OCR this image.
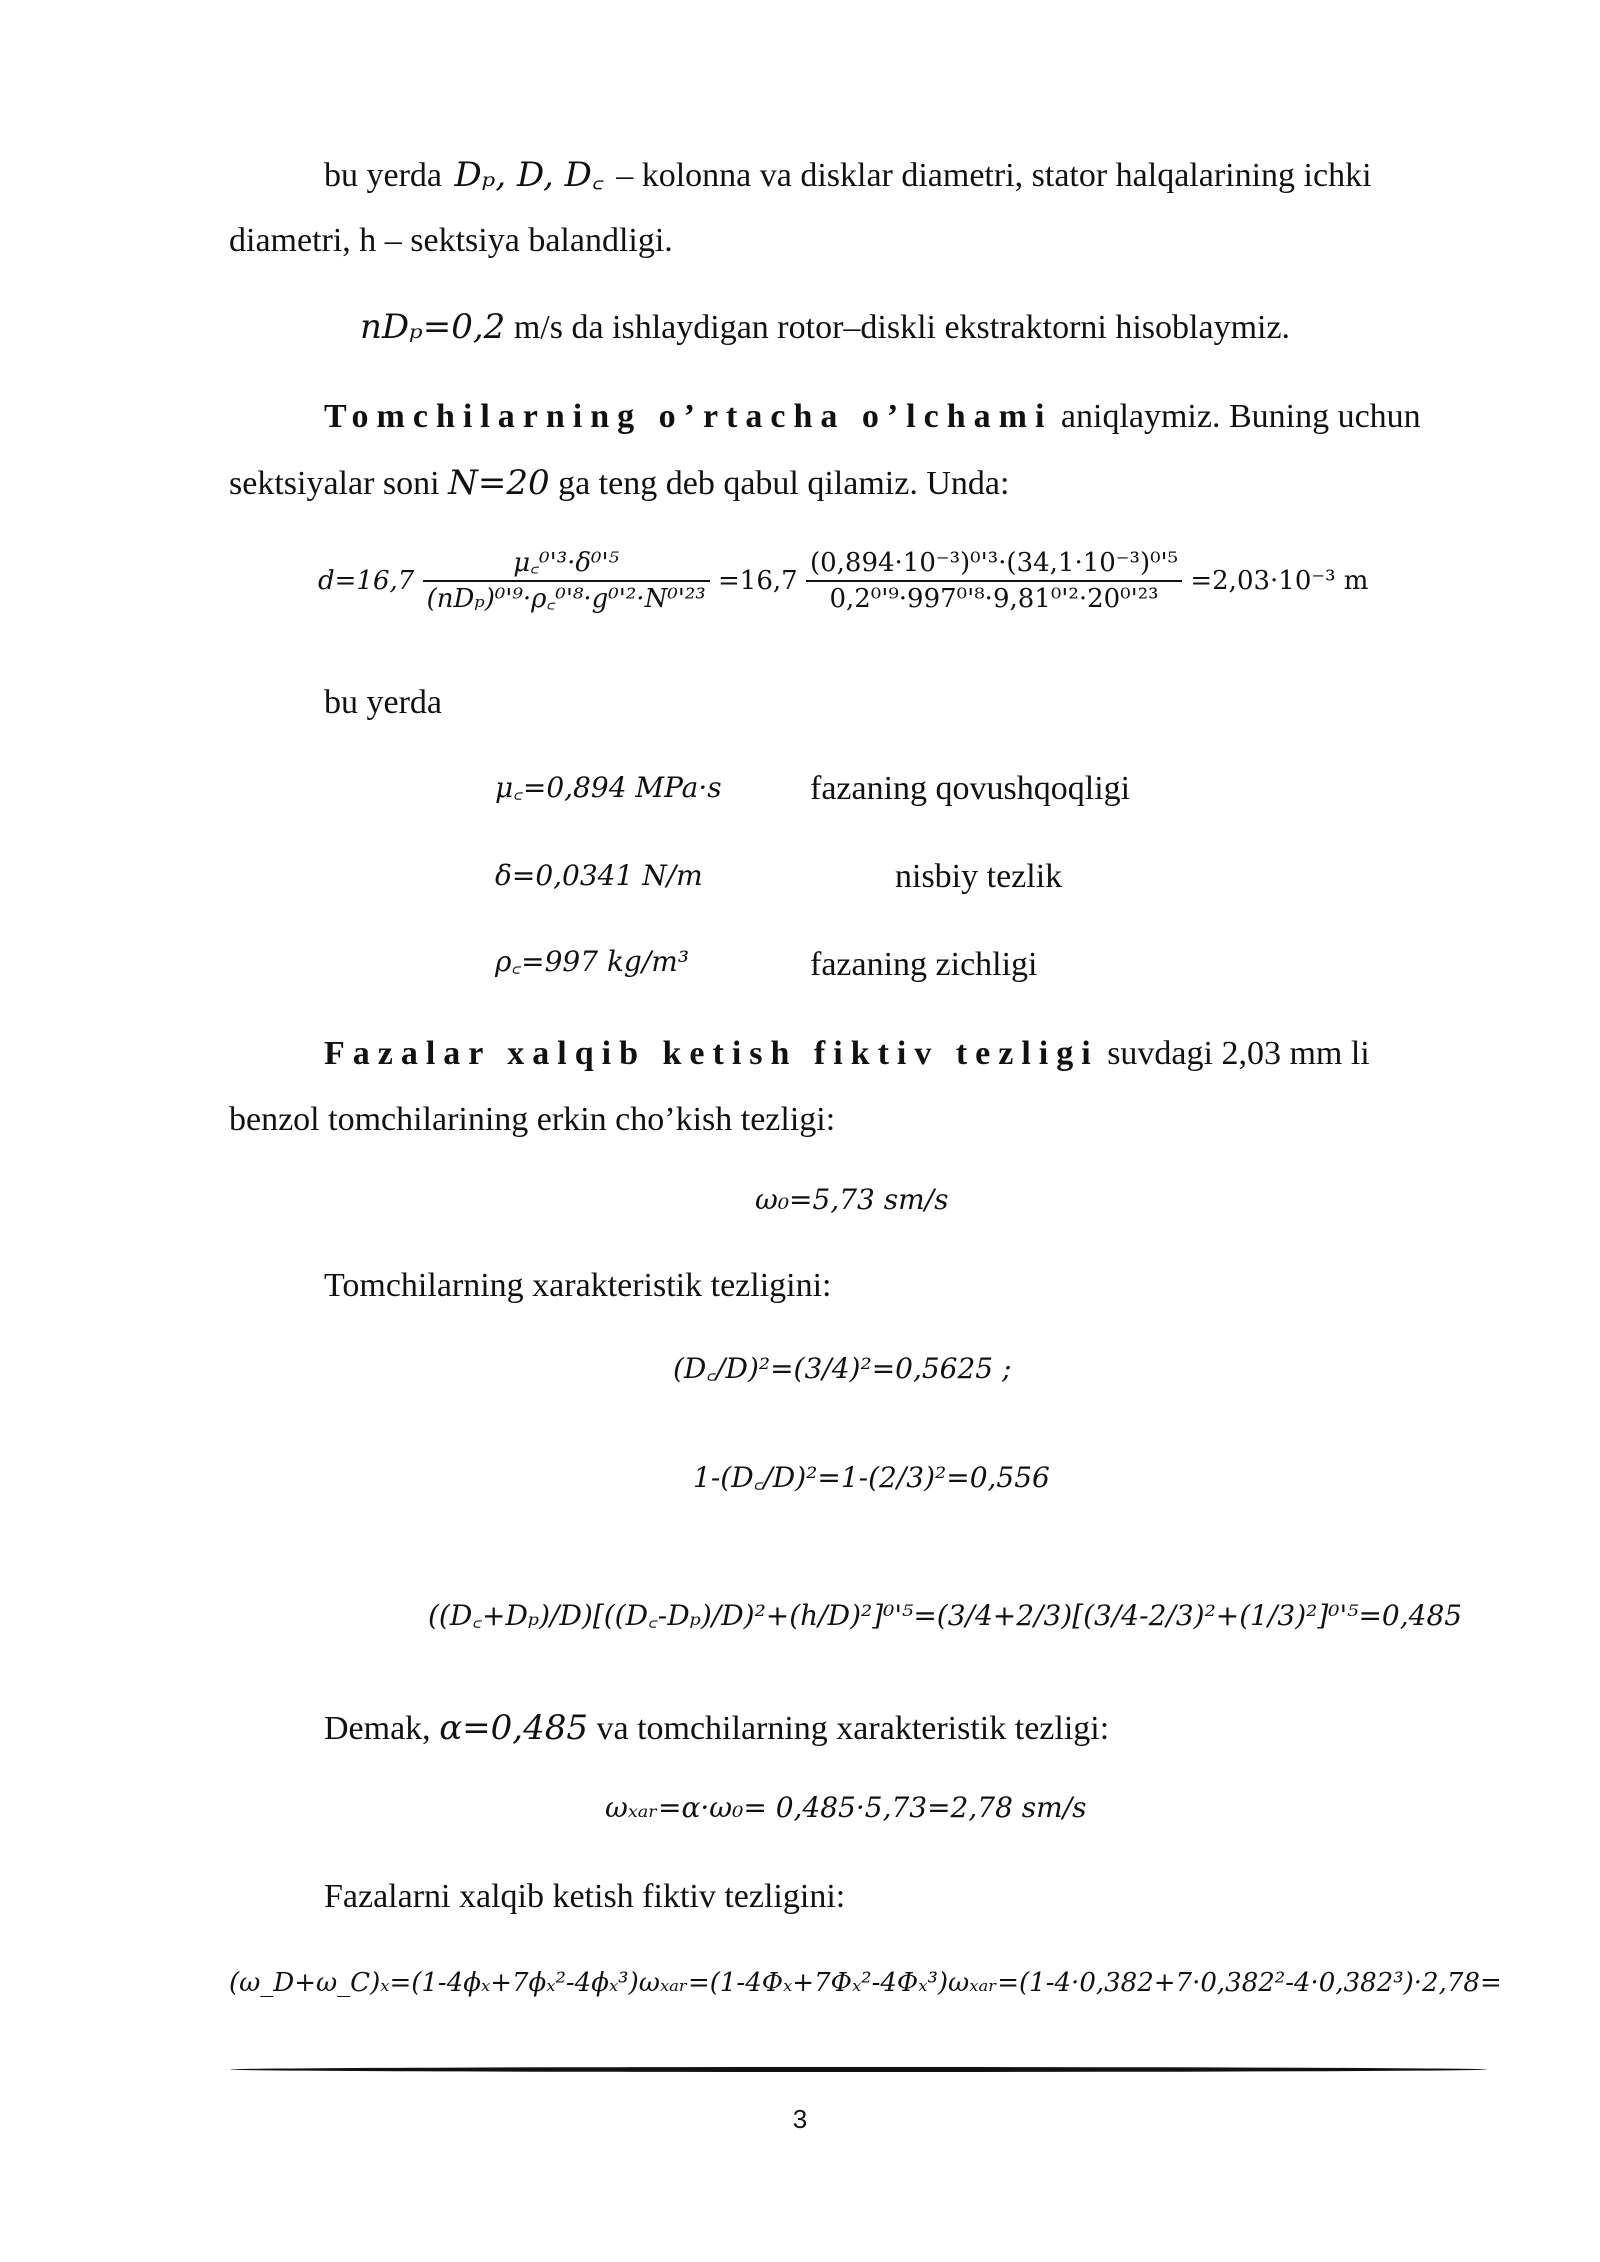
bu yerda Dₚ, D, D꜀ – kolonna va disklar diametri, stator halqalarining ichki
diametri, h – sektsiya balandligi.
nDₚ=0,2 m/s da ishlaydigan rotor–diskli ekstraktorni hisoblaymiz.
Tomchilarning o’rtacha o’lchami aniqlaymiz. Buning uchun
sektsiyalar soni N=20 ga teng deb qabul qilamiz. Unda:
$d=16,7 \frac{\text{μ꜀⁰'³·δ⁰'⁵}}{\text{(nDₚ)⁰'⁹·ρ꜀⁰'⁸·g⁰'²·N⁰'²³}} =16,7 \frac{\text{(0,894·10⁻³)⁰'³·(34,1·10⁻³)⁰'⁵}}{\text{0,2⁰'⁹·997⁰'⁸·9,81⁰'²·20⁰'²³}} =2,03\cdot 10^{-3}$ m
bu yerda
μ꜀=0,894 MPa·s	fazaning qovushqoqligi
δ=0,0341 N/m	nisbiy tezlik
ρ꜀=997 kg/m³	fazaning zichligi
Fazalar xalqib ketish fiktiv tezligi suvdagi 2,03 mm li
benzol tomchilarining erkin cho’kish tezligi:
ω₀=5,73 sm/s
Tomchilarning xarakteristik tezligini:
(D꜀/D)²=(3/4)²=0,5625 ;
1-(D꜀/D)²=1-(2/3)²=0,556
((D꜀+Dₚ)/D)[((D꜀-Dₚ)/D)²+(h/D)²]⁰'⁵=(3/4+2/3)[(3/4-2/3)²+(1/3)²]⁰'⁵=0,485
Demak, α=0,485 va tomchilarning xarakteristik tezligi:
ωₓₐᵣ=α·ω₀= 0,485·5,73=2,78 sm/s
Fazalarni xalqib ketish fiktiv tezligini:
(ω_D+ω_C)ₓ=(1-4ϕₓ+7ϕₓ²-4ϕₓ³)ωₓₐᵣ=(1-4Φₓ+7Φₓ²-4Φₓ³)ωₓₐᵣ=(1-4·0,382+7·0,382²-4·0,382³)·2,78=
3
